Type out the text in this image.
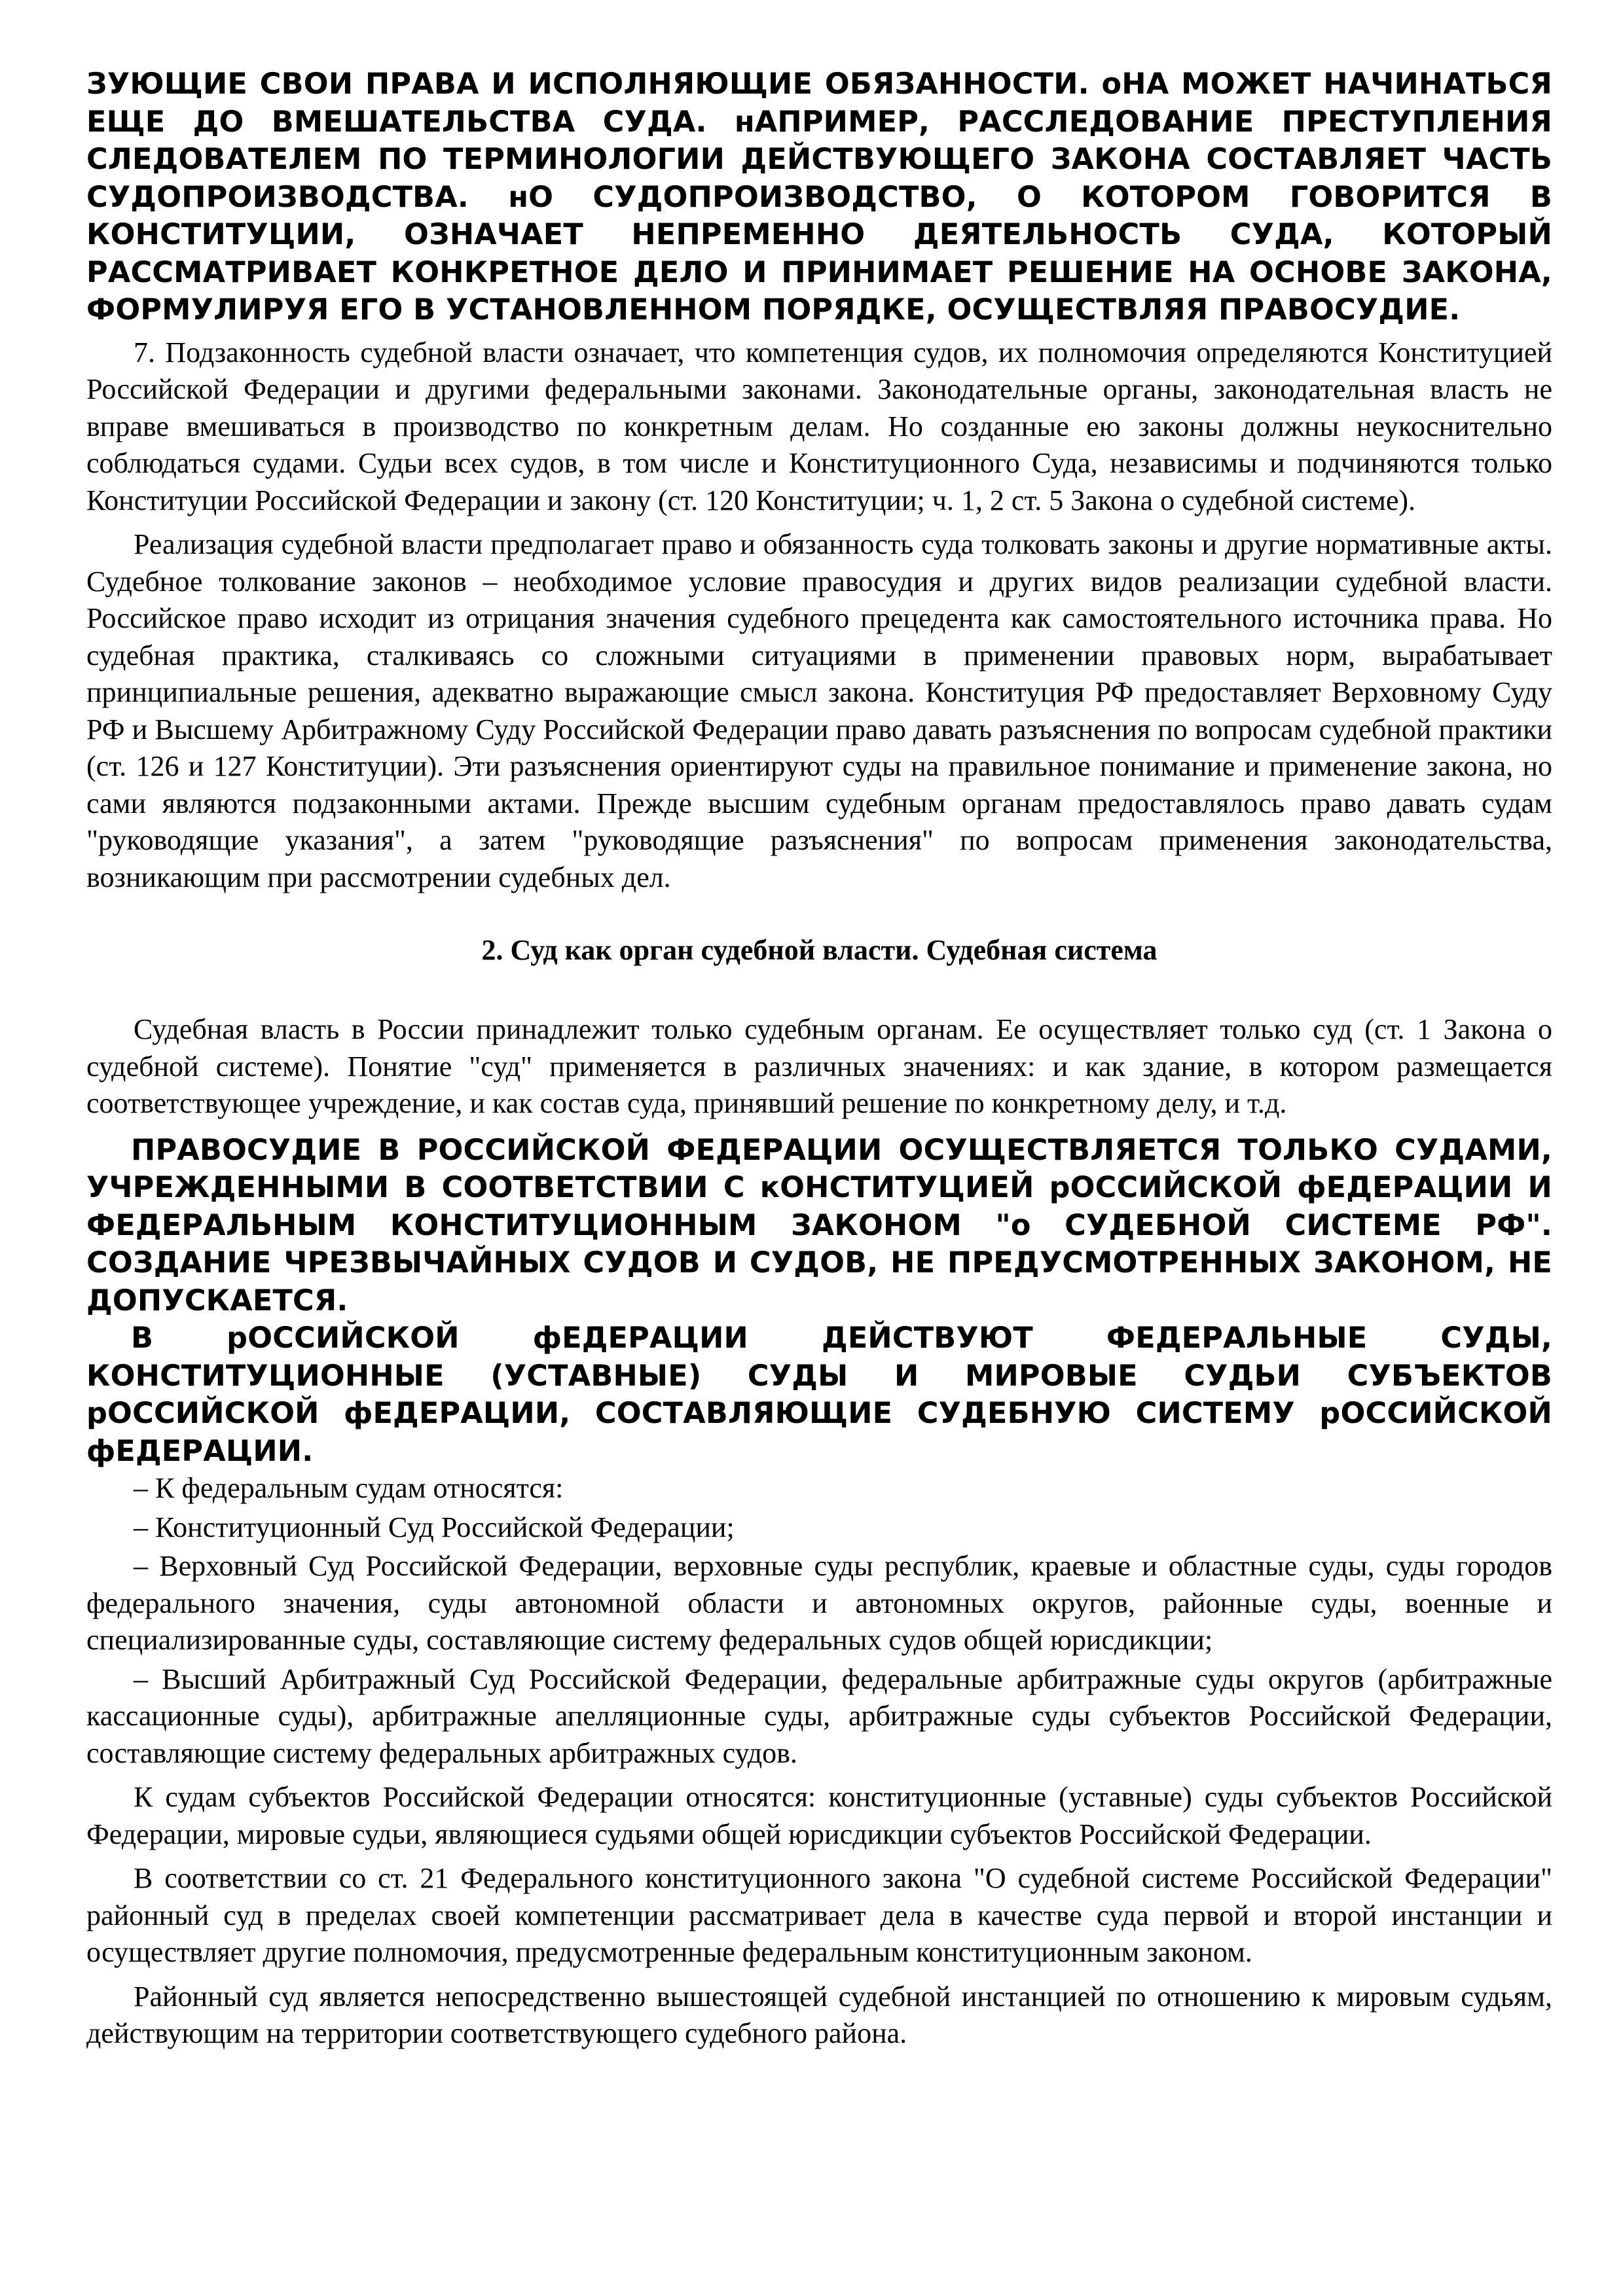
ЗУЮЩИЕ СВОИ ПРАВА И ИСПОЛНЯЮЩИЕ ОБЯЗАННОСТИ. оНА МОЖЕТ НАЧИНАТЬСЯ ЕЩЕ ДО ВМЕШАТЕЛЬСТВА СУДА. нАПРИМЕР, РАССЛЕДОВАНИЕ ПРЕСТУПЛЕНИЯ СЛЕДОВАТЕЛЕМ ПО ТЕРМИНОЛОГИИ ДЕЙСТВУЮЩЕГО ЗАКОНА СОСТАВЛЯЕТ ЧАСТЬ СУДОПРОИЗВОДСТВА. нО СУДОПРОИЗВОДСТВО, О КОТОРОМ ГОВОРИТСЯ В КОНСТИТУЦИИ, ОЗНАЧАЕТ НЕПРЕМЕННО ДЕЯТЕЛЬНОСТЬ СУДА, КОТОРЫЙ РАССМАТРИВАЕТ КОНКРЕТНОЕ ДЕЛО И ПРИНИМАЕТ РЕШЕНИЕ НА ОСНОВЕ ЗАКОНА, ФОРМУЛИРУЯ ЕГО В УСТАНОВЛЕННОМ ПОРЯДКЕ, ОСУЩЕСТВЛЯЯ ПРАВОСУДИЕ.

7. Подзаконность судебной власти означает, что компетенция судов, их полномочия определяются Конституцией Российской Федерации и другими федеральными законами. Законодательные органы, законодательная власть не вправе вмешиваться в производство по конкретным делам. Но созданные ею законы должны неукоснительно соблюдаться судами. Судьи всех судов, в том числе и Конституционного Суда, независимы и подчиняются только Конституции Российской Федерации и закону (ст. 120 Конституции; ч. 1, 2 ст. 5 Закона о судебной системе).

Реализация судебной власти предполагает право и обязанность суда толковать законы и другие нормативные акты. Судебное толкование законов – необходимое условие правосудия и других видов реализации судебной власти. Российское право исходит из отрицания значения судебного прецедента как самостоятельного источника права. Но судебная практика, сталкиваясь со сложными ситуациями в применении правовых норм, вырабатывает принципиальные решения, адекватно выражающие смысл закона. Конституция РФ предоставляет Верховному Суду РФ и Высшему Арбитражному Суду Российской Федерации право давать разъяснения по вопросам судебной практики (ст. 126 и 127 Конституции). Эти разъяснения ориентируют суды на правильное понимание и применение закона, но сами являются подзаконными актами. Прежде высшим судебным органам предоставлялось право давать судам "руководящие указания", а затем "руководящие разъяснения" по вопросам применения законодательства, возникающим при рассмотрении судебных дел.

2. Суд как орган судебной власти. Судебная система

Судебная власть в России принадлежит только судебным органам. Ее осуществляет только суд (ст. 1 Закона о судебной системе). Понятие "суд" применяется в различных значениях: и как здание, в котором размещается соответствующее учреждение, и как состав суда, принявший решение по конкретному делу, и т.д.

ПРАВОСУДИЕ В РОССИЙСКОЙ ФЕДЕРАЦИИ ОСУЩЕСТВЛЯЕТСЯ ТОЛЬКО СУДАМИ, УЧРЕЖДЕННЫМИ В СООТВЕТСТВИИ С кОНСТИТУЦИЕЙ рОССИЙСКОЙ фЕДЕРАЦИИ И ФЕДЕРАЛЬНЫМ КОНСТИТУЦИОННЫМ ЗАКОНОМ "о СУДЕБНОЙ СИСТЕМЕ РФ". СОЗДАНИЕ ЧРЕЗВЫЧАЙНЫХ СУДОВ И СУДОВ, НЕ ПРЕДУСМОТРЕННЫХ ЗАКОНОМ, НЕ ДОПУСКАЕТСЯ.

В рОССИЙСКОЙ фЕДЕРАЦИИ ДЕЙСТВУЮТ ФЕДЕРАЛЬНЫЕ СУДЫ, КОНСТИТУЦИОННЫЕ (УСТАВНЫЕ) СУДЫ И МИРОВЫЕ СУДЬИ СУБЪЕКТОВ рОССИЙСКОЙ фЕДЕРАЦИИ, СОСТАВЛЯЮЩИЕ СУДЕБНУЮ СИСТЕМУ рОССИЙСКОЙ фЕДЕРАЦИИ.

– К федеральным судам относятся:

– Конституционный Суд Российской Федерации;

– Верховный Суд Российской Федерации, верховные суды республик, краевые и областные суды, суды городов федерального значения, суды автономной области и автономных округов, районные суды, военные и специализированные суды, составляющие систему федеральных судов общей юрисдикции;

– Высший Арбитражный Суд Российской Федерации, федеральные арбитражные суды округов (арбитражные кассационные суды), арбитражные апелляционные суды, арбитражные суды субъектов Российской Федерации, составляющие систему федеральных арбитражных судов.

К судам субъектов Российской Федерации относятся: конституционные (уставные) суды субъектов Российской Федерации, мировые судьи, являющиеся судьями общей юрисдикции субъектов Российской Федерации.

В соответствии со ст. 21 Федерального конституционного закона "О судебной системе Российской Федерации" районный суд в пределах своей компетенции рассматривает дела в качестве суда первой и второй инстанции и осуществляет другие полномочия, предусмотренные федеральным конституционным законом.

Районный суд является непосредственно вышестоящей судебной инстанцией по отношению к мировым судьям, действующим на территории соответствующего судебного района.
